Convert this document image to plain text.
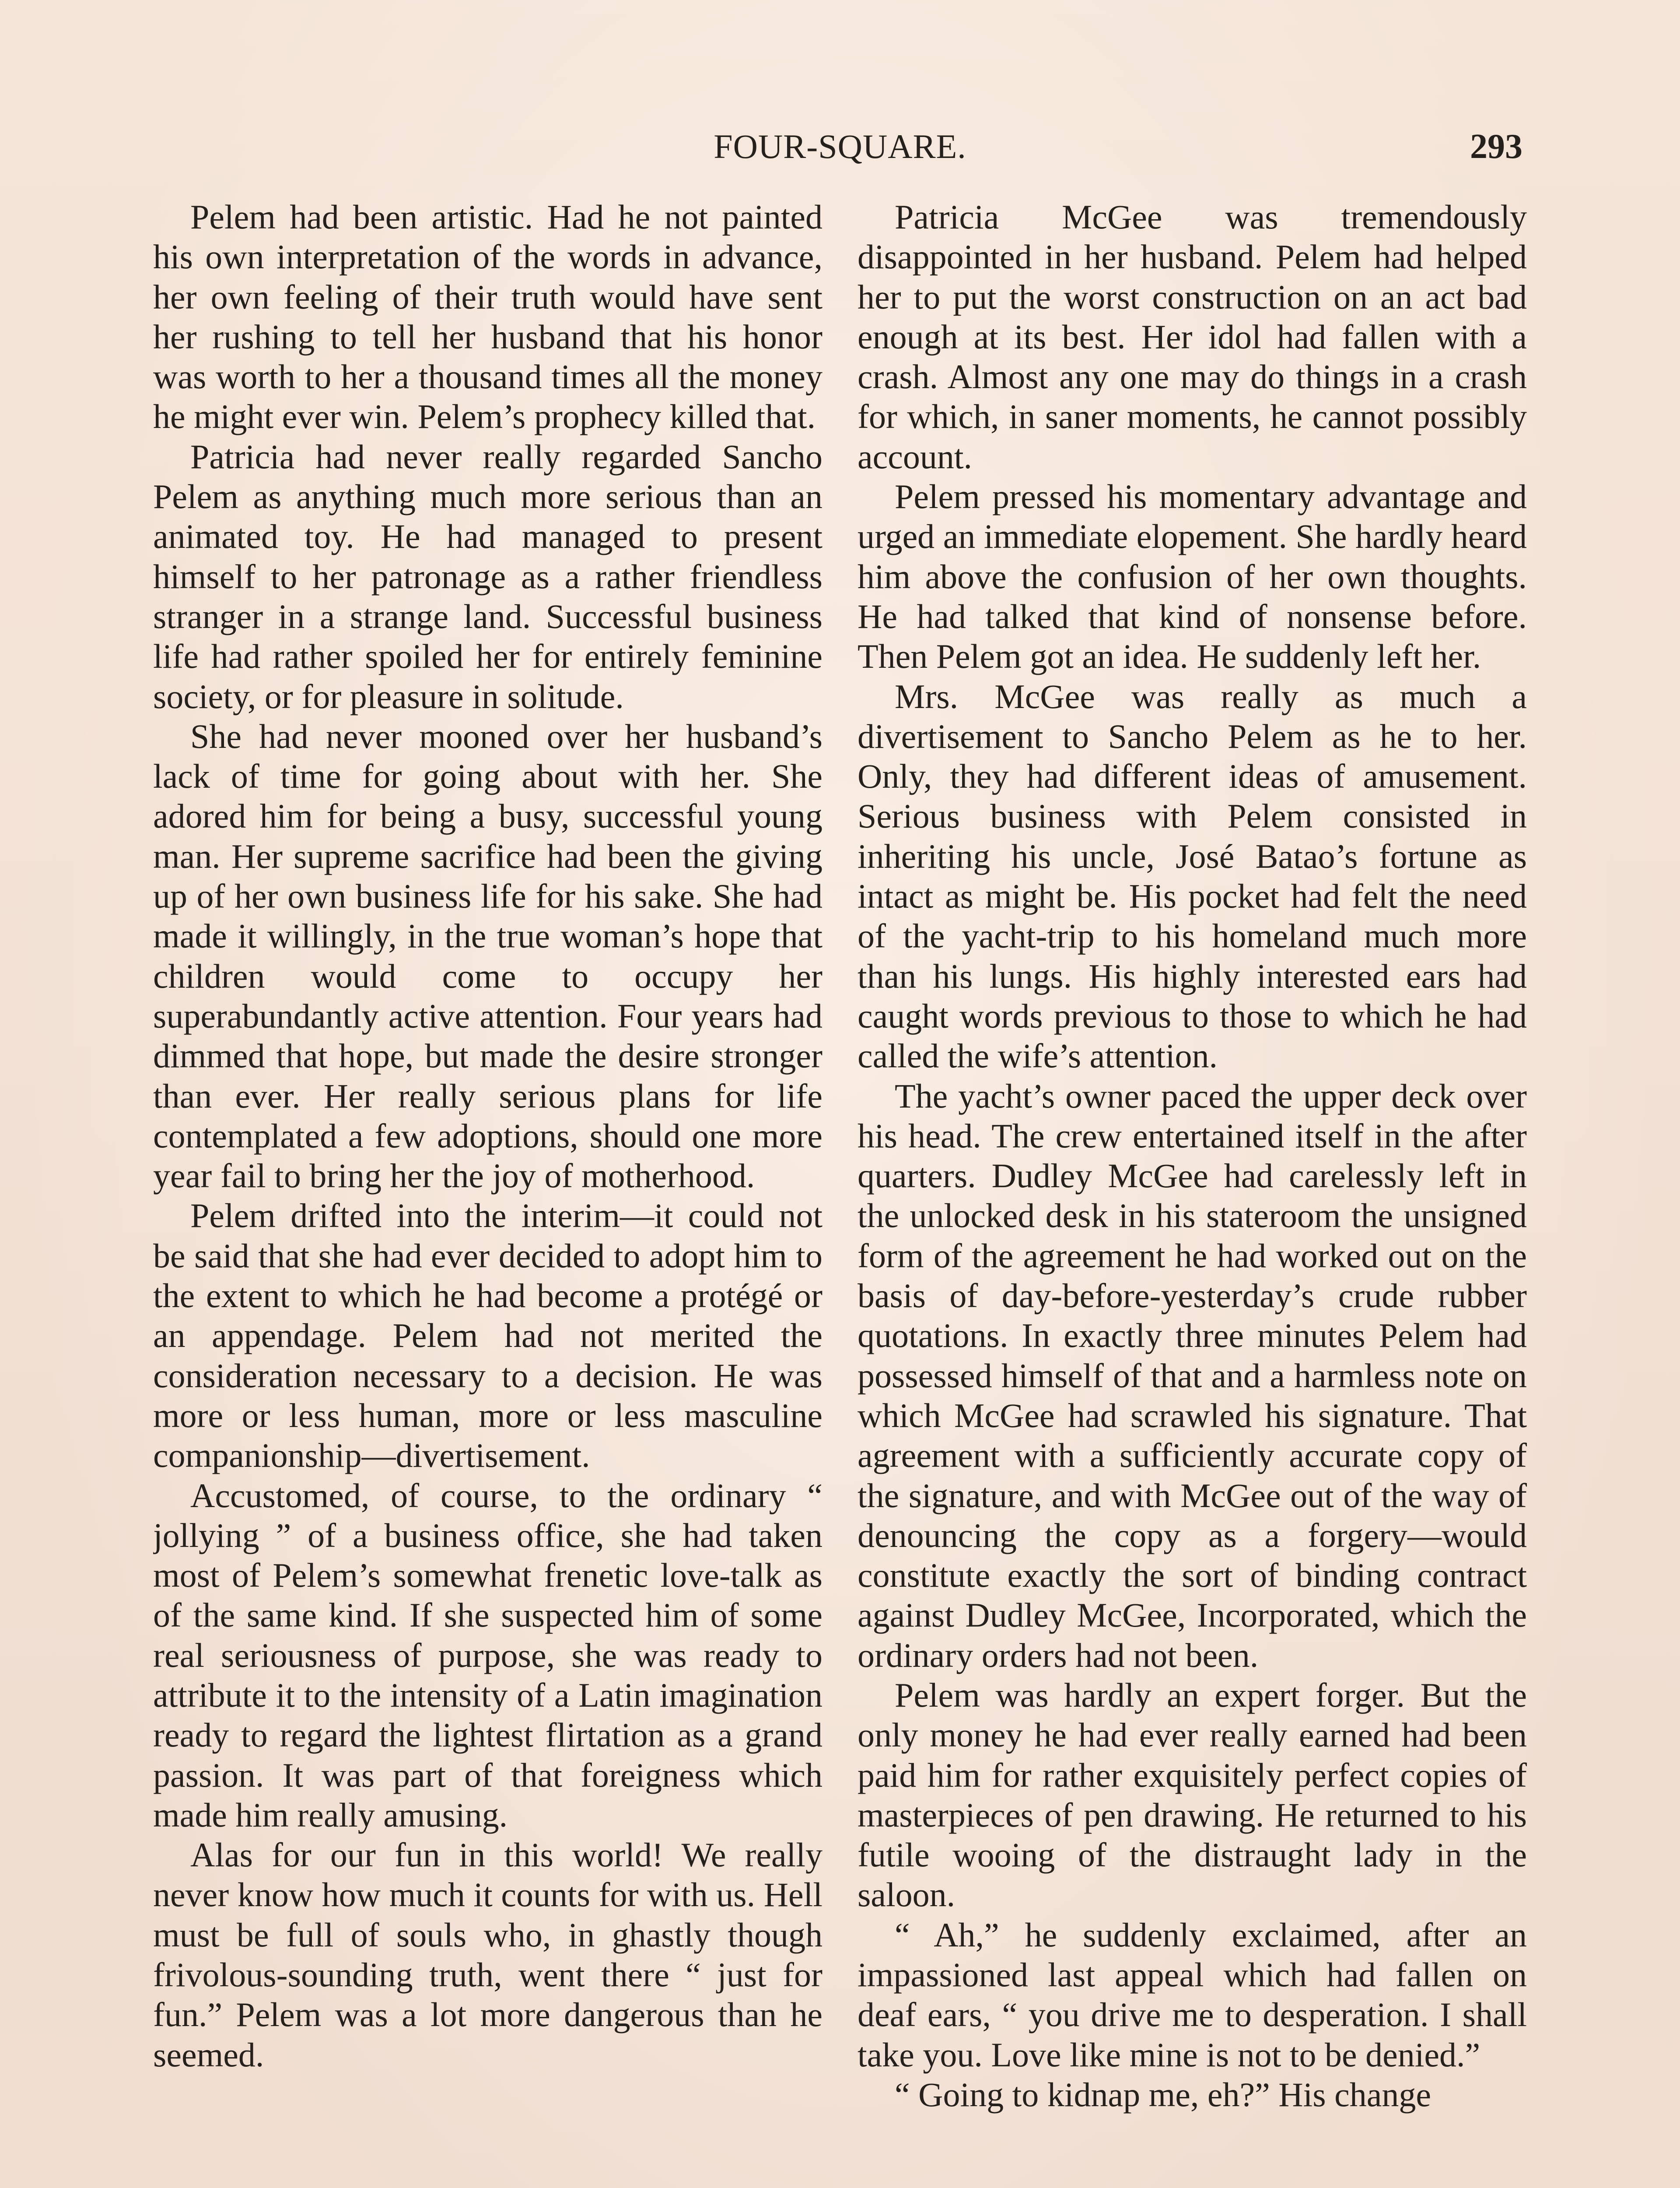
FOUR-SQUARE.	293

Pelem had been artistic. Had he not painted his own interpretation of the words in advance, her own feeling of their truth would have sent her rushing to tell her husband that his honor was worth to her a thousand times all the money he might ever win. Pelem’s prophecy killed that.

Patricia had never really regarded Sancho Pelem as anything much more serious than an animated toy. He had managed to present himself to her patronage as a rather friendless stranger in a strange land. Successful business life had rather spoiled her for entirely feminine society, or for pleasure in solitude.

She had never mooned over her husband’s lack of time for going about with her. She adored him for being a busy, successful young man. Her supreme sacrifice had been the giving up of her own business life for his sake. She had made it willingly, in the true woman’s hope that children would come to occupy her superabundantly active attention. Four years had dimmed that hope, but made the desire stronger than ever. Her really serious plans for life contemplated a few adoptions, should one more year fail to bring her the joy of motherhood.

Pelem drifted into the interim—it could not be said that she had ever decided to adopt him to the extent to which he had become a protégé or an appendage. Pelem had not merited the consideration necessary to a decision. He was more or less human, more or less masculine companionship—divertisement.

Accustomed, of course, to the ordinary “ jollying ” of a business office, she had taken most of Pelem’s somewhat frenetic love-talk as of the same kind. If she suspected him of some real seriousness of purpose, she was ready to attribute it to the intensity of a Latin imagination ready to regard the lightest flirtation as a grand passion. It was part of that foreigness which made him really amusing.

Alas for our fun in this world! We really never know how much it counts for with us. Hell must be full of souls who, in ghastly though frivolous-sounding truth, went there “ just for fun.” Pelem was a lot more dangerous than he seemed.

Patricia McGee was tremendously disappointed in her husband. Pelem had helped her to put the worst construction on an act bad enough at its best. Her idol had fallen with a crash. Almost any one may do things in a crash for which, in saner moments, he cannot possibly account.

Pelem pressed his momentary advantage and urged an immediate elopement. She hardly heard him above the confusion of her own thoughts. He had talked that kind of nonsense before. Then Pelem got an idea. He suddenly left her.

Mrs. McGee was really as much a divertisement to Sancho Pelem as he to her. Only, they had different ideas of amusement. Serious business with Pelem consisted in inheriting his uncle, José Batao’s fortune as intact as might be. His pocket had felt the need of the yacht-trip to his homeland much more than his lungs. His highly interested ears had caught words previous to those to which he had called the wife’s attention.

The yacht’s owner paced the upper deck over his head. The crew entertained itself in the after quarters. Dudley McGee had carelessly left in the unlocked desk in his stateroom the unsigned form of the agreement he had worked out on the basis of day-before-yesterday’s crude rubber quotations. In exactly three minutes Pelem had possessed himself of that and a harmless note on which McGee had scrawled his signature. That agreement with a sufficiently accurate copy of the signature, and with McGee out of the way of denouncing the copy as a forgery—would constitute exactly the sort of binding contract against Dudley McGee, Incorporated, which the ordinary orders had not been.

Pelem was hardly an expert forger. But the only money he had ever really earned had been paid him for rather exquisitely perfect copies of masterpieces of pen drawing. He returned to his futile wooing of the distraught lady in the saloon.

“ Ah,” he suddenly exclaimed, after an impassioned last appeal which had fallen on deaf ears, “ you drive me to desperation. I shall take you. Love like mine is not to be denied.”

“ Going to kidnap me, eh?” His change
